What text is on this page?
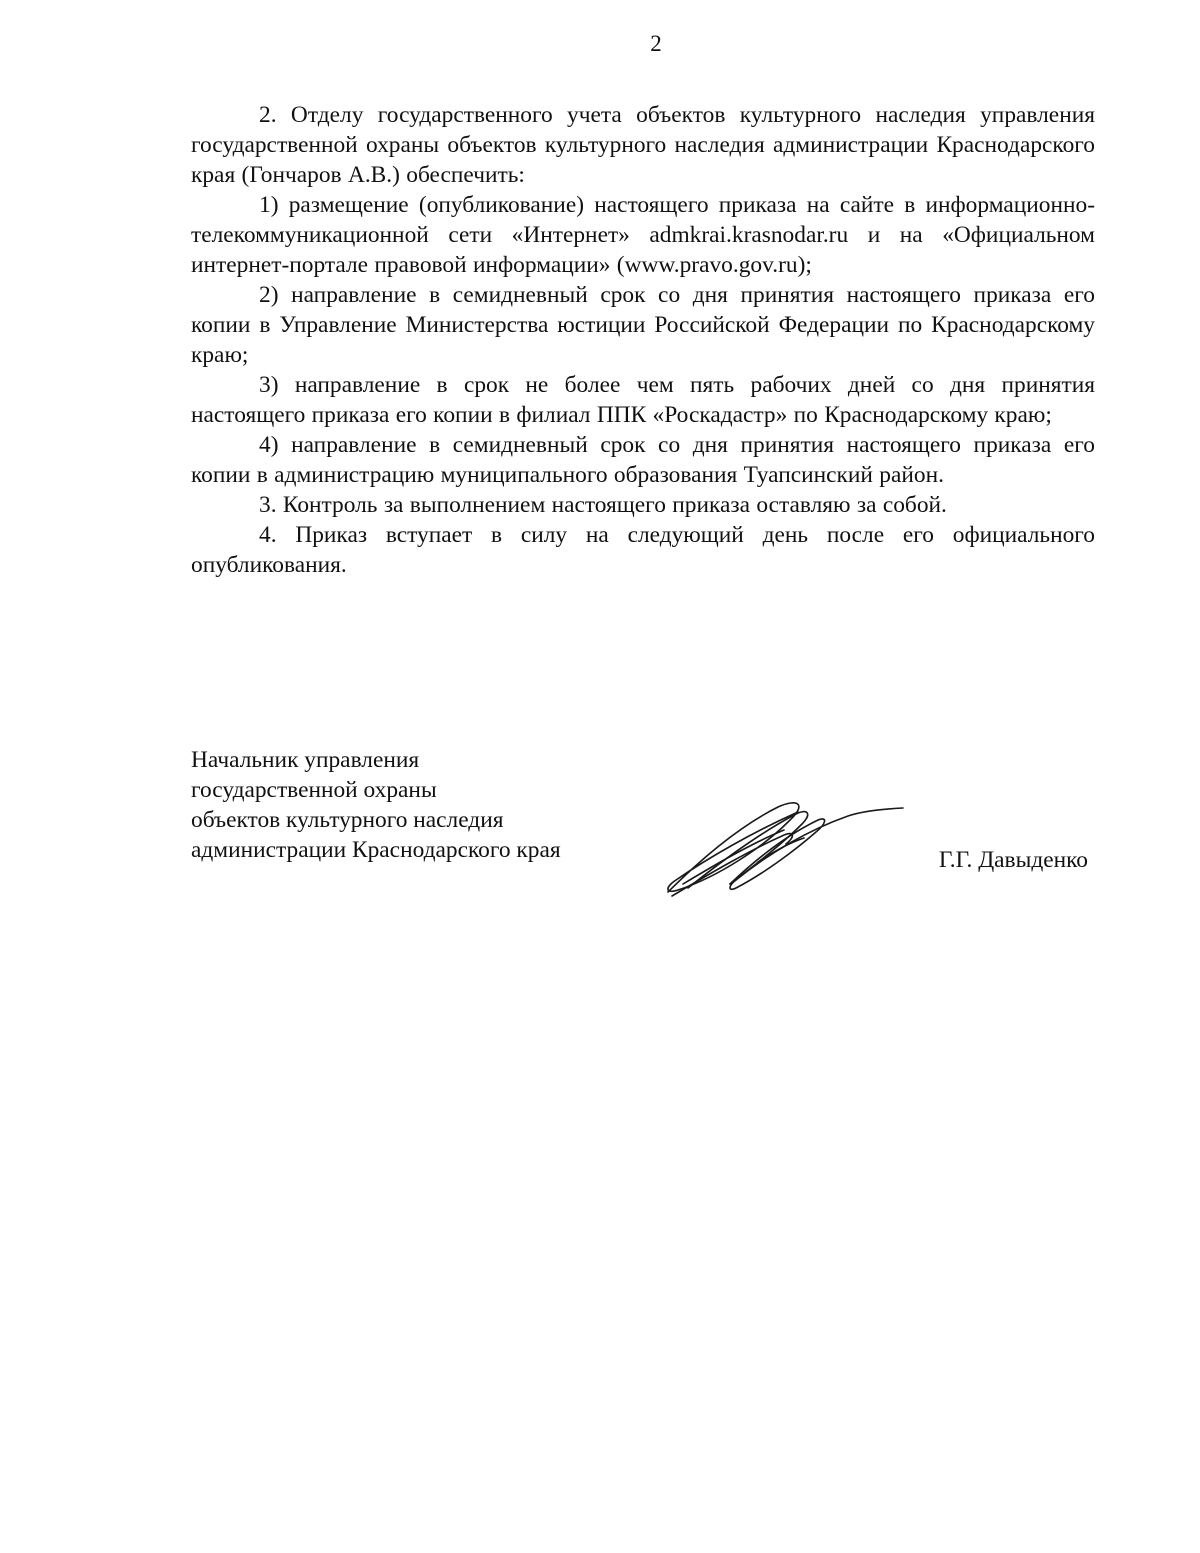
2

2. Отделу государственного учета объектов культурного наследия управления государственной охраны объектов культурного наследия администрации Краснодарского края (Гончаров А.В.) обеспечить:

1) размещение (опубликование) настоящего приказа на сайте в информационно-телекоммуникационной сети «Интернет» admkrai.krasnodar.ru и на «Официальном интернет-портале правовой информации» (www.pravo.gov.ru);

2) направление в семидневный срок со дня принятия настоящего приказа его копии в Управление Министерства юстиции Российской Федерации по Краснодарскому краю;

3) направление в срок не более чем пять рабочих дней со дня принятия настоящего приказа его копии в филиал ППК «Роскадастр» по Краснодарскому краю;

4) направление в семидневный срок со дня принятия настоящего приказа его копии в администрацию муниципального образования Туапсинский район.

3. Контроль за выполнением настоящего приказа оставляю за собой.

4. Приказ вступает в силу на следующий день после его официального опубликования.

Начальник управления
государственной охраны
объектов культурного наследия
администрации Краснодарского края	Г.Г. Давыденко
